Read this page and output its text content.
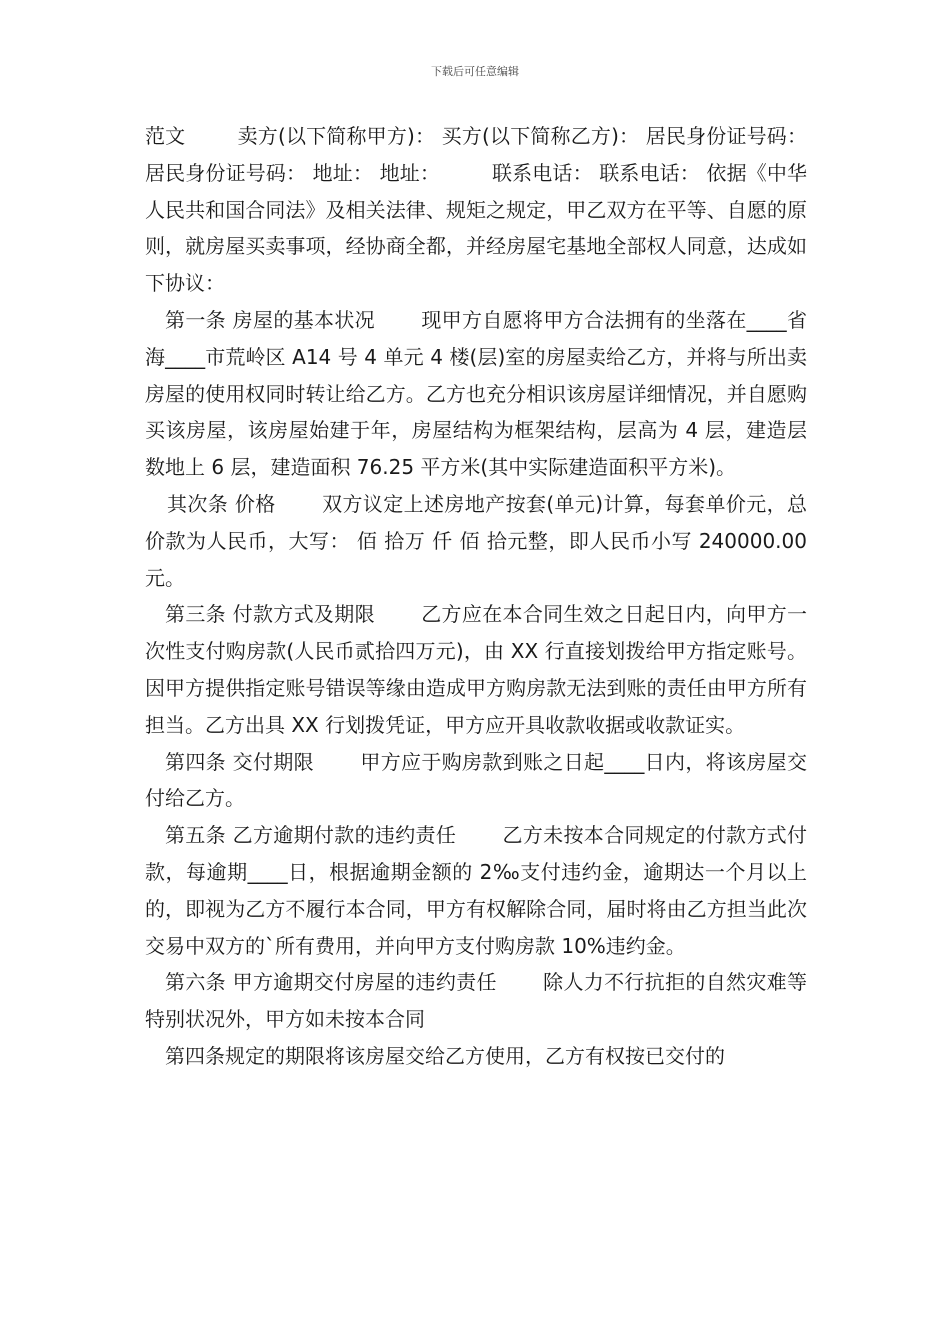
下载后可任意编辑

范文        卖方(以下简称甲方)： 买方(以下简称乙方)： 居民身份证号码： 居民身份证号码： 地址： 地址：        联系电话： 联系电话： 依据《中华人民共和国合同法》及相关法律、规矩之规定，甲乙双方在平等、自愿的原则，就房屋买卖事项，经协商全都，并经房屋宅基地全部权人同意，达成如下协议：

第一条 房屋的基本状况 现甲方自愿将甲方合法拥有的坐落在____省海____市荒岭区 A14 号 4 单元 4 楼(层)室的房屋卖给乙方，并将与所出卖房屋的使用权同时转让给乙方。乙方也充分相识该房屋详细情况，并自愿购买该房屋，该房屋始建于年，房屋结构为框架结构，层高为 4 层，建造层数地上 6 层，建造面积 76.25 平方米(其中实际建造面积平方米)。

其次条 价格 双方议定上述房地产按套(单元)计算，每套单价元，总价款为人民币，大写： 佰 拾万 仟 佰 拾元整，即人民币小写 240000.00 元。

第三条 付款方式及期限 乙方应在本合同生效之日起日内，向甲方一次性支付购房款(人民币贰拾四万元)，由 XX 行直接划拨给甲方指定账号。因甲方提供指定账号错误等缘由造成甲方购房款无法到账的责任由甲方所有担当。乙方出具 XX 行划拨凭证，甲方应开具收款收据或收款证实。

第四条 交付期限 甲方应于购房款到账之日起____日内，将该房屋交付给乙方。

第五条 乙方逾期付款的违约责任 乙方未按本合同规定的付款方式付款，每逾期____日，根据逾期金额的 2‰支付违约金，逾期达一个月以上的，即视为乙方不履行本合同，甲方有权解除合同，届时将由乙方担当此次交易中双方的`所有费用，并向甲方支付购房款 10%违约金。

第六条 甲方逾期交付房屋的违约责任 除人力不行抗拒的自然灾难等特别状况外，甲方如未按本合同

第四条规定的期限将该房屋交给乙方使用，乙方有权按已交付的
